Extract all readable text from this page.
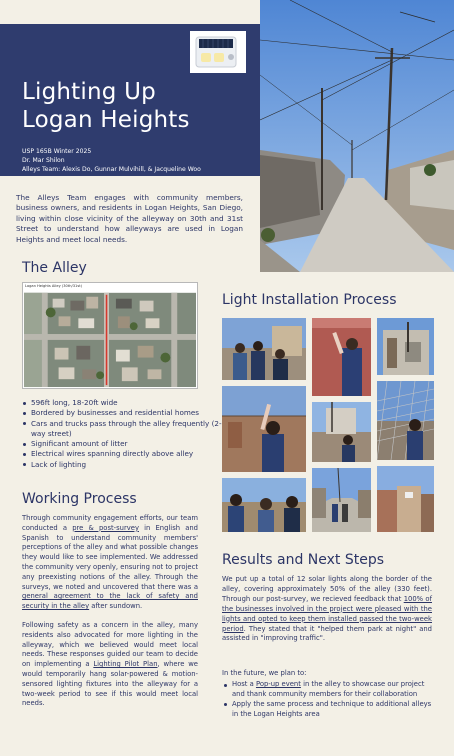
Lighting Up
Logan Heights
USP 165B Winter 2025
Dr. Mar Shilon
Alleys Team: Alexis Do, Gunnar Mulvihill, & Jacqueline Woo

The Alleys Team engages with community members, business owners, and residents in Logan Heights, San Diego, living within close vicinity of the alleyway on 30th and 31st Street to understand how alleyways are used in Logan Heights and meet local needs.

The Alley
Logan Heights Alley (30th/31st)
596ft long, 18-20ft wide
Bordered by businesses and residential homes
Cars and trucks pass through the alley frequently (2-way street)
Significant amount of litter
Electrical wires spanning directly above alley
Lack of lighting
Working Process

Through community engagement efforts, our team conducted a pre & post-survey in English and Spanish to understand community members' perceptions of the alley and what possible changes they would like to see implemented. We addressed the community very openly, ensuring not to project any preexisting notions of the alley. Through the surveys, we noted and uncovered that there was a general agreement to the lack of safety and security in the alley after sundown.

Following safety as a concern in the alley, many residents also advocated for more lighting in the alleyway, which we believed would meet local needs. These responses guided our team to decide on implementing a Lighting Pilot Plan, where we would temporarily hang solar-powered & motion-sensored lighting fixtures into the alleyway for a two-week period to see if this would meet local needs.

Light Installation Process
Results and Next Steps

We put up a total of 12 solar lights along the border of the alley, covering approximately 50% of the alley (330 feet). Through our post-survey, we recieved feedback that 100% of the businesses involved in the project were pleased with the lights and opted to keep them installed passed the two-week period. They stated that it "helped them park at night" and assisted in "improving traffic".

In the future, we plan to:

Host a Pop-up event in the alley to showcase our project and thank community members for their collaboration
Apply the same process and technique to additional alleys in the Logan Heights area
